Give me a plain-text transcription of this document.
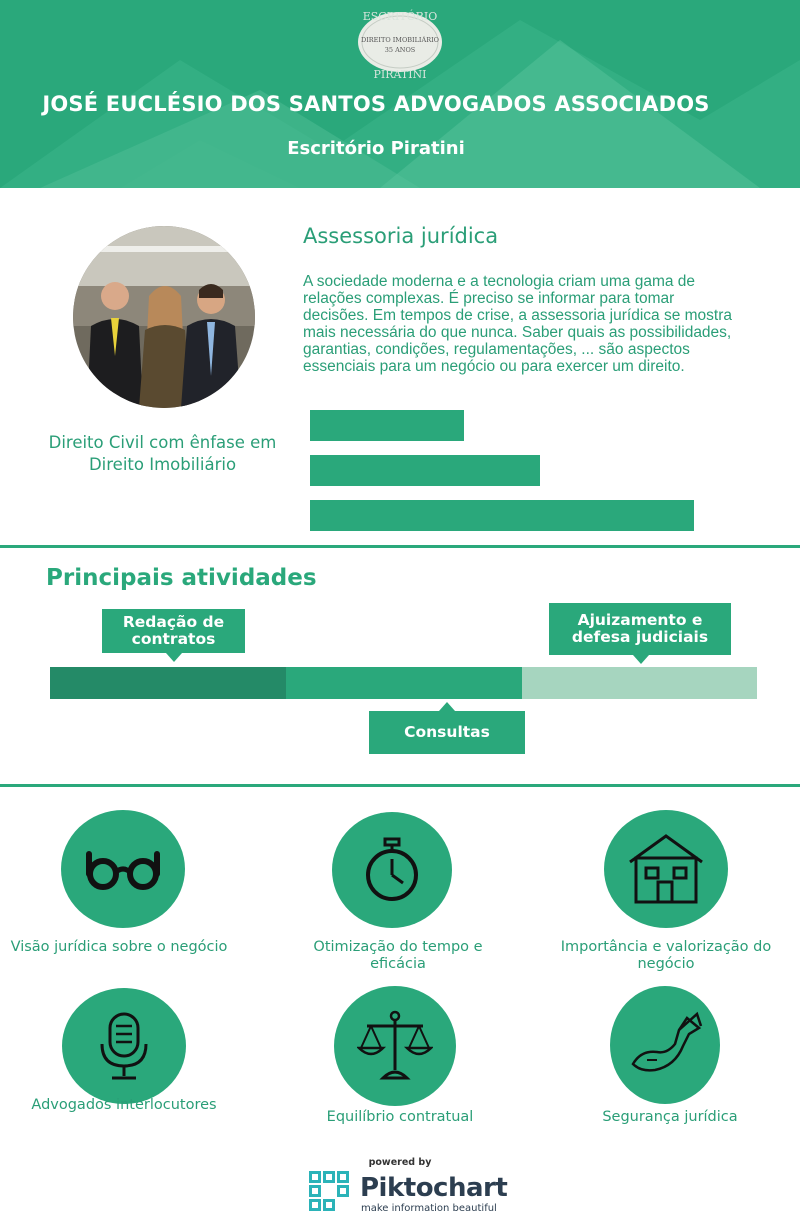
ESCRITÓRIO
DIREITO IMOBILIÁRIO
35 ANOS
PIRATINI
JOSÉ EUCLÉSIO DOS SANTOS ADVOGADOS ASSOCIADOS
Escritório Piratini
Direito Civil com ênfase em Direito Imobiliário
Assessoria jurídica
A sociedade moderna e a tecnologia criam uma gama de relações complexas. É preciso se informar para tomar decisões. Em tempos de crise, a assessoria jurídica se mostra mais necessária do que nunca. Saber quais as possibilidades, garantias, condições, regulamentações, ... são aspectos essenciais para um negócio ou para exercer um direito.
Principais atividades
Redação de contratos
Consultas
Ajuizamento e defesa judiciais
Visão jurídica sobre o negócio	Otimização do tempo e eficácia
Importância e valorização do negócio
Advogados interlocutores
Equilíbrio contratual	Segurança jurídica
powered by
Piktochart
make information beautiful
